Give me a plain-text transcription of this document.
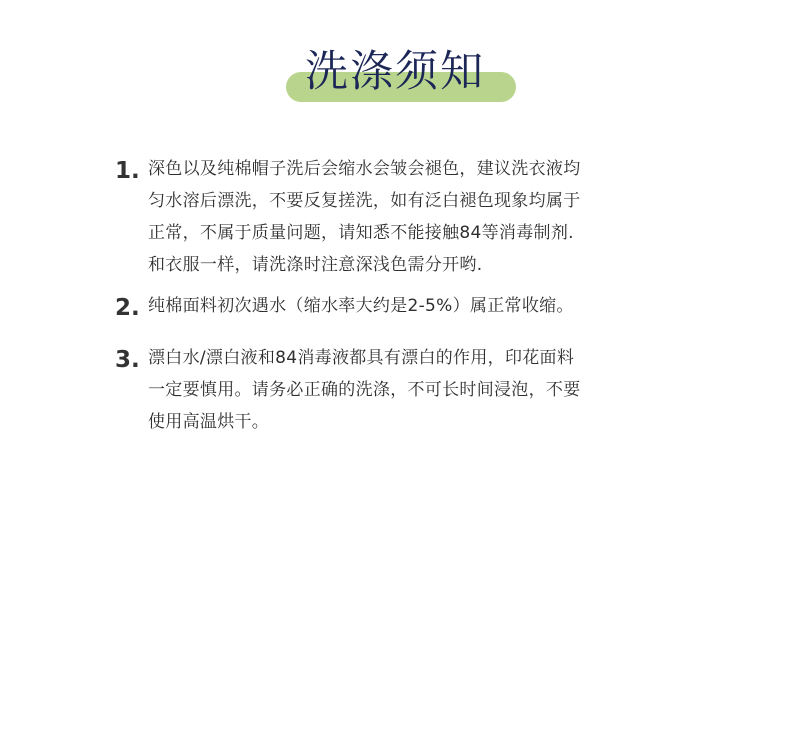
洗涤须知
1. 深色以及纯棉帽子洗后会缩水会皱会褪色，建议洗衣液均
匀水溶后漂洗，不要反复搓洗，如有泛白褪色现象均属于
正常，不属于质量问题，请知悉不能接触84等消毒制剂.
和衣服一样，请洗涤时注意深浅色需分开哟.
2. 纯棉面料初次遇水（缩水率大约是2-5%）属正常收缩。
3. 漂白水/漂白液和84消毒液都具有漂白的作用，印花面料
一定要慎用。请务必正确的洗涤，不可长时间浸泡，不要
使用高温烘干。
